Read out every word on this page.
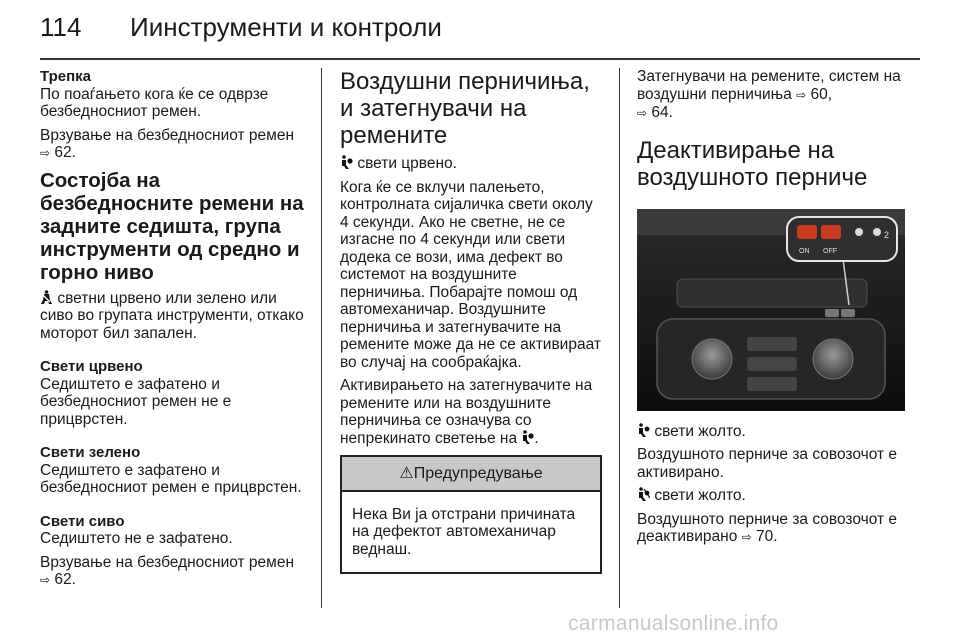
114 Иинструменти и контроли

Трепка

По поаѓањето кога ќе се одврзе безбедносниот ремен.

Врзување на безбедносниот ремен ⇨ 62.

Состојба на безбедносните ремени на задните седишта, група инструменти од средно и горно ниво

светни црвено или зелено или сиво во групата инструменти, откако моторот бил запален.

Свети црвено

Седиштето е зафатено и безбедносниот ремен не е прицврстен.

Свети зелено

Седиштето е зафатено и безбедносниот ремен е прицврстен.

Свети сиво

Седиштето не е зафатено.

Врзување на безбедносниот ремен ⇨ 62.

Воздушни перничиња, и затегнувачи на ремените

свети црвено.

Кога ќе се вклучи палењето, контролната сијаличка свети околу 4 секунди. Ако не светне, не се изгасне по 4 секунди или свети додека се вози, има дефект во системот на воздушните перничиња. Побарајте помош од автомеханичар. Воздушните перничиња и затегнувачите на ремените може да не се активираат во случај на сообраќајка.

Активирањето на затегнувачите на ремените или на воздушните перничиња се означува со непрекинато светење на .

⚠Предупредување
Нека Ви ја отстрани причината на дефектот автомеханичар веднаш.

Затегнувачи на ремените, систем на воздушни перничиња ⇨ 60,
⇨ 64.

Деактивирање на воздушното перниче
ON OFF
2

свети жолто.

Воздушното перниче за совозочот е активирано.

свети жолто.

Воздушното перниче за совозочот е деактивирано ⇨ 70.

carmanualsonline.info
